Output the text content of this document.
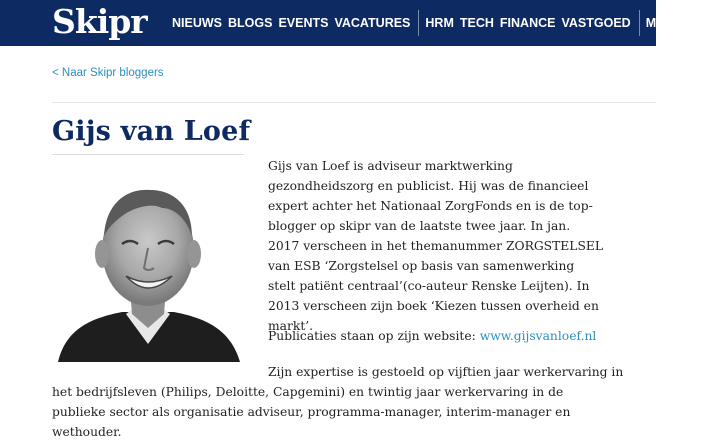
Skipr NIEUWS BLOGS EVENTS VACATURES HRM TECH FINANCE VASTGOED MEER ▼
< Naar Skipr bloggers
Gijs van Loef

Gijs van Loef is adviseur marktwerking gezondheidszorg en publicist. Hij was de financieel expert achter het Nationaal ZorgFonds en is de top-blogger op skipr van de laatste twee jaar. In jan. 2017 verscheen in het themanummer ZORGSTELSEL van ESB ‘Zorgstelsel op basis van samenwerking stelt patiënt centraal’(co-auteur Renske Leijten). In 2013 verscheen zijn boek ‘Kiezen tussen overheid en markt’.

Publicaties staan op zijn website: www.gijsvanloef.nl
Zijn expertise is gestoeld op vijftien jaar werkervaring in
het bedrijfsleven (Philips, Deloitte, Capgemini) en twintig jaar werkervaring in de publieke sector als organisatie adviseur, programma-manager, interim-manager en wethouder.
